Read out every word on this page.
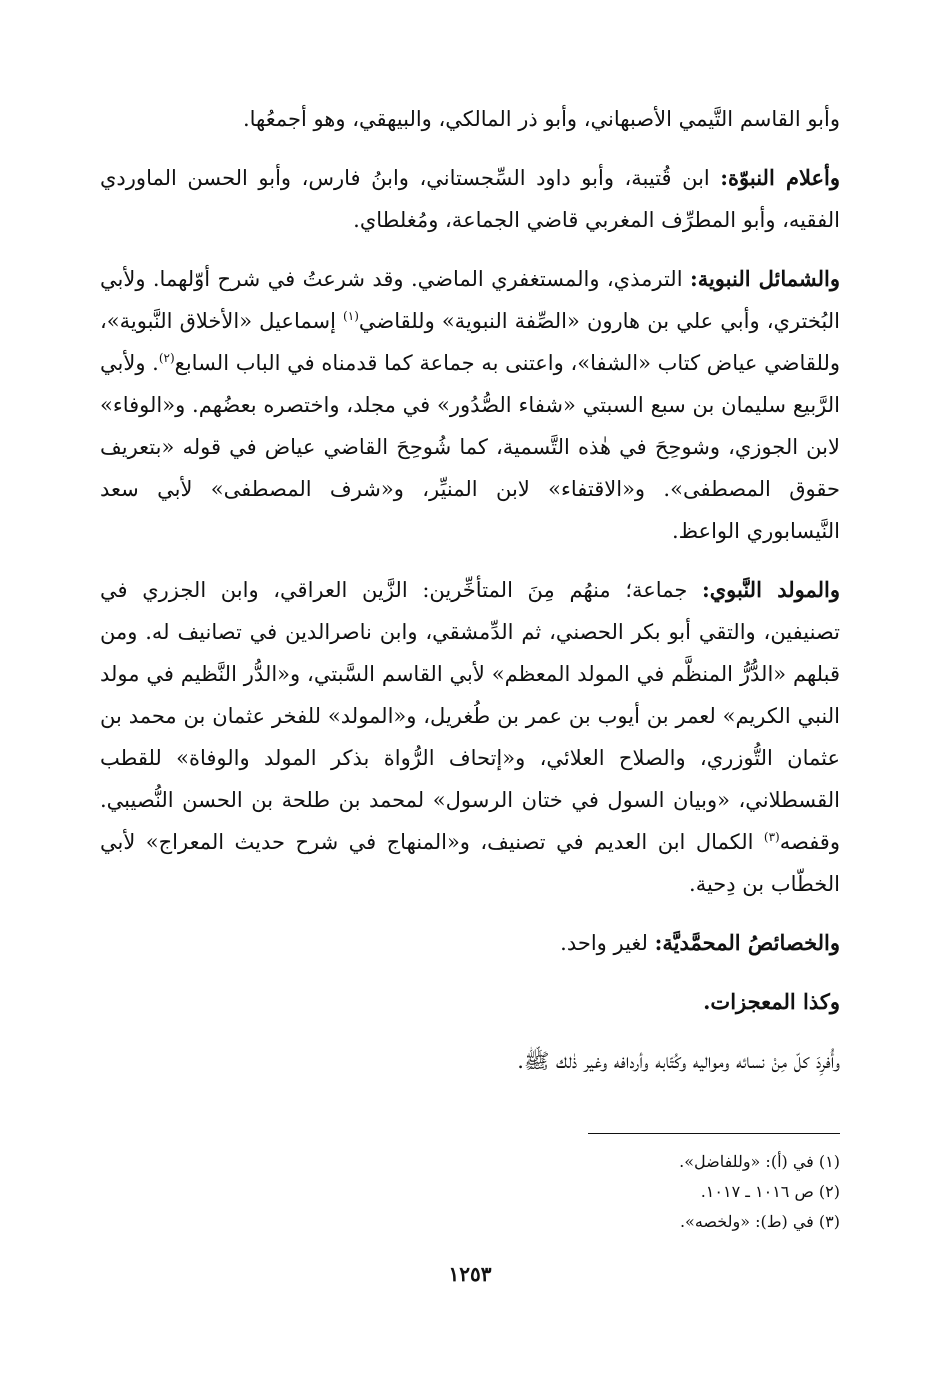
وأبو القاسم التَّيمي الأصبهاني، وأبو ذر المالكي، والبيهقي، وهو أجمعُها.

وأعلام النبوّة: ابن قُتيبة، وأبو داود السِّجستاني، وابنُ فارس، وأبو الحسن الماوردي الفقيه، وأبو المطرِّف المغربي قاضي الجماعة، ومُغلطاي.

والشمائل النبوية: الترمذي، والمستغفري الماضي. وقد شرعتُ في شرح أوّلهما. ولأبي البُختري، وأبي علي بن هارون «الصِّفة النبوية» وللقاضي$^{(١)}$ إسماعيل «الأخلاق النَّبوية»، وللقاضي عياض كتاب «الشفا»، واعتنى به جماعة كما قدمناه في الباب السابع$^{(٢)}$. ولأبي الرَّبيع سليمان بن سبع السبتي «شفاء الصُّدُور» في مجلد، واختصره بعضُهم. و«الوفاء» لابن الجوزي، وشوحِحَ في هٰذه التَّسمية، كما شُوحِحَ القاضي عياض في قوله «بتعريف حقوق المصطفى». و«الاقتفاء» لابن المنيِّر، و«شرف المصطفى» لأبي سعد النَّيسابوري الواعظ.

والمولد النَّبوي: جماعة؛ منهُم مِنَ المتأخِّرين: الزَّين العراقي، وابن الجزري في تصنيفين، والتقي أبو بكر الحصني، ثم الدِّمشقي، وابن ناصرالدين في تصانيف له. ومن قبلهم «الدُّرُّ المنظَّم في المولد المعظم» لأبي القاسم السَّبتي، و«الدُّر النَّظيم في مولد النبي الكريم» لعمر بن أيوب بن عمر بن طُغريل، و«المولد» للفخر عثمان بن محمد بن عثمان التُّوزري، والصلاح العلائي، و«إتحاف الرُّواة بذكر المولد والوفاة» للقطب القسطلاني، «وبيان السول في ختان الرسول» لمحمد بن طلحة بن الحسن النُّصيبي. وقفصه$^{(٣)}$ الكمال ابن العديم في تصنيف، و«المنهاج في شرح حديث المعراج» لأبي الخطّاب بن دِحية.

والخصائصُ المحمَّديَّة: لغير واحد.

وكذا المعجزات.

وأُفرِدَ كلّ مِنْ نسائه ومواليه وكُتّابه وأردافه وغير ذٰلك ﷺ.

(١) في (أ): «وللفاضل».

(٢) ص ١٠١٦ ـ ١٠١٧.

(٣) في (ط): «ولخصه».

١٢٥٣
